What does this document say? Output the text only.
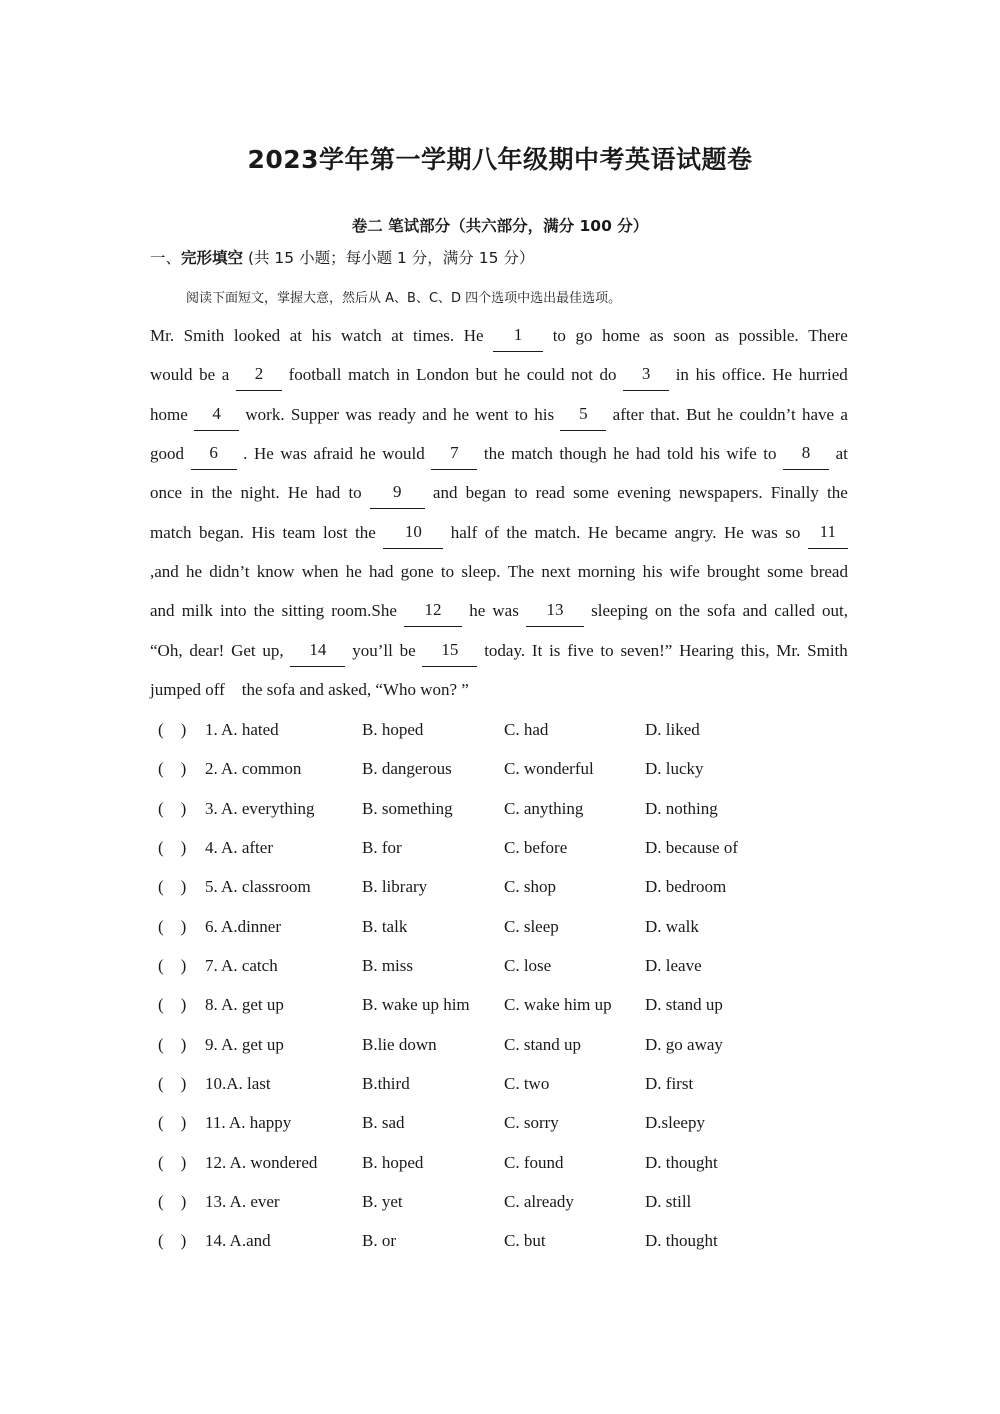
2023学年第一学期八年级期中考英语试题卷
卷二 笔试部分（共六部分，满分 100 分）
一、完形填空 (共 15 小题；每小题 1 分，满分 15 分）
阅读下面短文，掌握大意，然后从 A、B、C、D 四个选项中选出最佳选项。
Mr. Smith looked at his watch at times. He	1	to go home as soon as possible. There
would be a	2	football match in London but he could not do	3	in his office. He hurried
home	4	work. Supper was ready and he went to his	5	after that. But he couldn’t have a
good	6	. He was afraid he would	7	the match though he had told his wife to	8	at
once in the night. He had to	9	and began to read some evening newspapers. Finally the
match began. His team lost the	10	half of the match. He became angry. He was so	11
,and he didn’t know when he had gone to sleep. The next morning his wife brought some bread
and milk into the sitting room.She	12	he was	13	sleeping on the sofa and called out,
“Oh, dear! Get up,	14	you’ll be	15	today. It is five to seven!” Hearing this, Mr. Smith
jumped off    the sofa and asked, “Who won? ”
(    ) 1. A. hated	B. hoped	C. had	D. liked
(    ) 2. A. common	B. dangerous	C. wonderful	D. lucky
(    ) 3. A. everything	B. something	C. anything	D. nothing
(    ) 4. A. after	B. for	C. before	D. because of
(    ) 5. A. classroom	B. library	C. shop	D. bedroom
(    ) 6. A.dinner	B. talk	C. sleep	D. walk
(    ) 7. A. catch	B. miss	C. lose	D. leave
(    ) 8. A. get up	B. wake up him C. wake him up D. stand up
(    ) 9. A. get up	B.lie down	C. stand up	D. go away
(    ) 10.A. last	B.third	C. two	D. first
(    ) 11. A. happy	B. sad	C. sorry	D.sleepy
(    ) 12. A. wondered	B. hoped	C. found	D. thought
(    ) 13. A. ever	B. yet	C. already	D. still
(    ) 14. A.and	B. or	C. but	D. thought
